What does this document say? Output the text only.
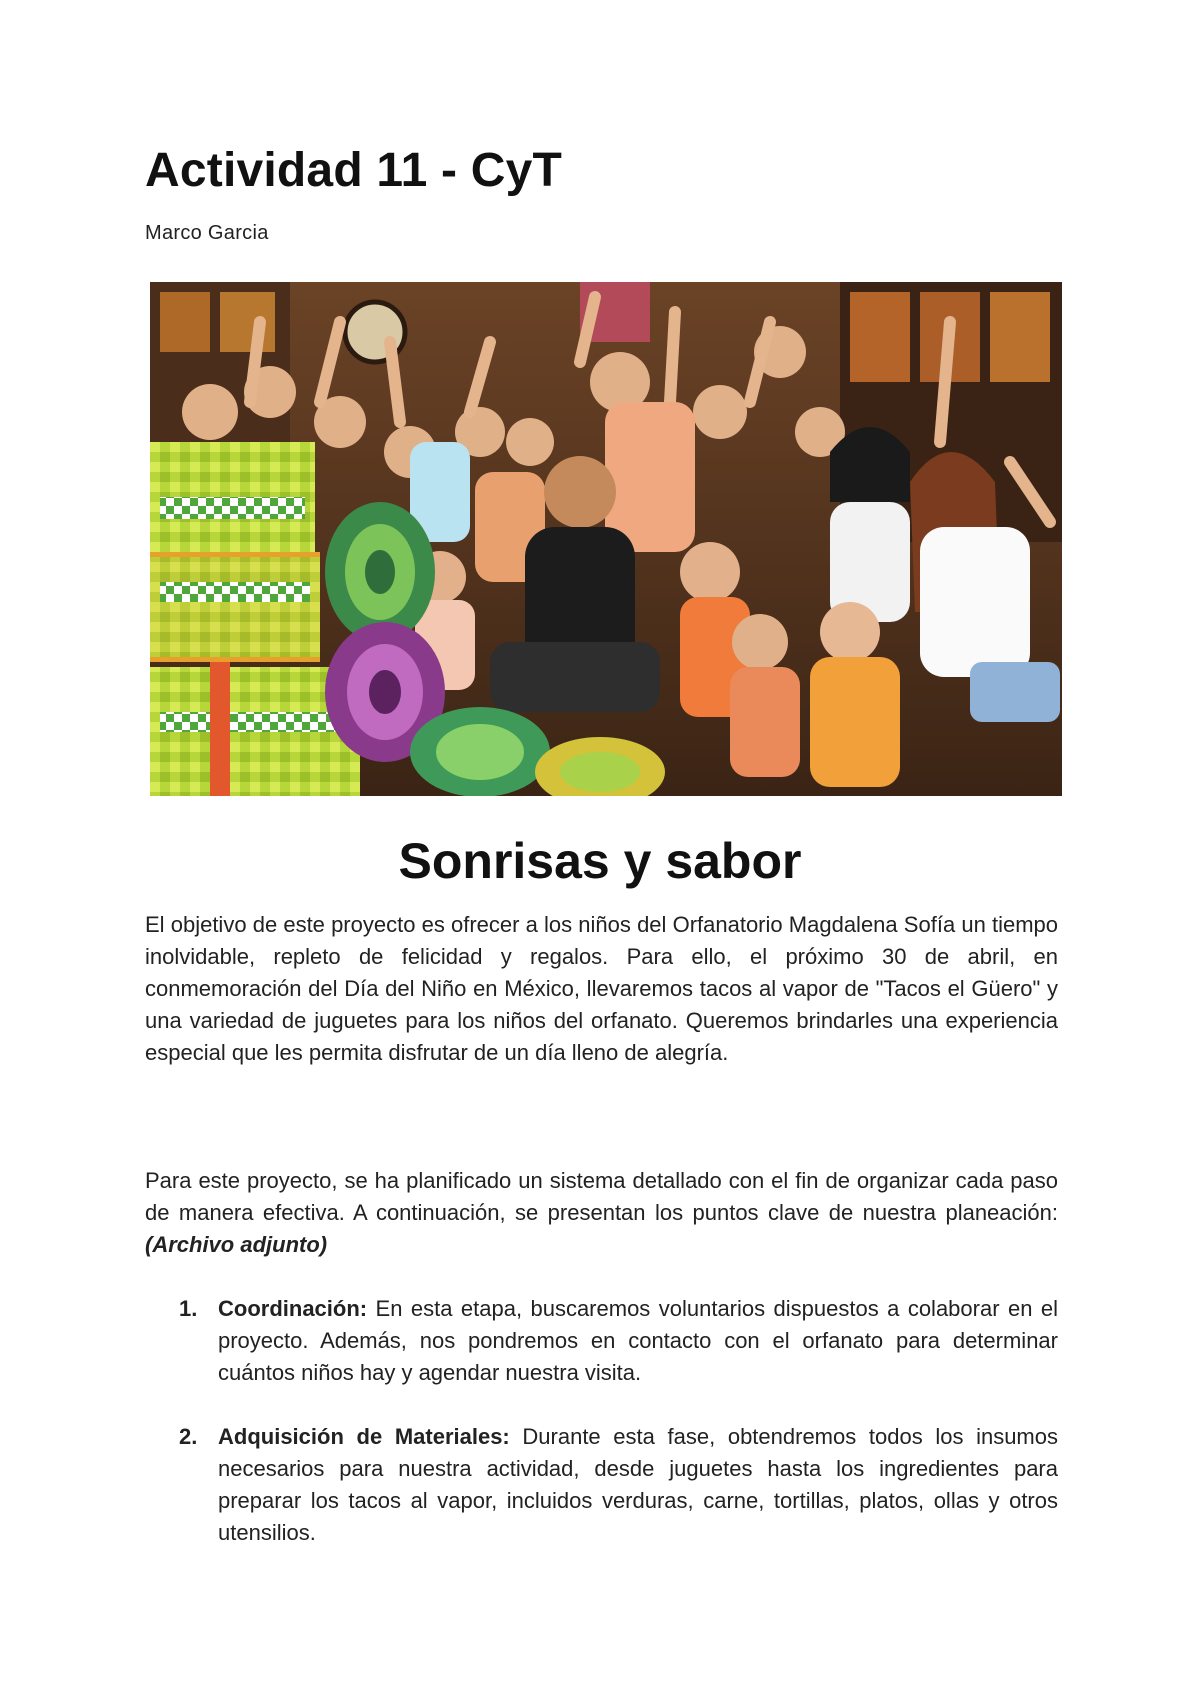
Actividad 11 - CyT
Marco Garcia
Sonrisas y sabor

El objetivo de este proyecto es ofrecer a los niños del Orfanatorio Magdalena Sofía un tiempo inolvidable, repleto de felicidad y regalos. Para ello, el próximo 30 de abril, en conmemoración del Día del Niño en México, llevaremos tacos al vapor de "Tacos el Güero" y una variedad de juguetes para los niños del orfanato. Queremos brindarles una experiencia especial que les permita disfrutar de un día lleno de alegría.

Para este proyecto, se ha planificado un sistema detallado con el fin de organizar cada paso de manera efectiva. A continuación, se presentan los puntos clave de nuestra planeación: (Archivo adjunto)

1. Coordinación: En esta etapa, buscaremos voluntarios dispuestos a colaborar en el proyecto. Además, nos pondremos en contacto con el orfanato para determinar cuántos niños hay y agendar nuestra visita.
2. Adquisición de Materiales: Durante esta fase, obtendremos todos los insumos necesarios para nuestra actividad, desde juguetes hasta los ingredientes para preparar los tacos al vapor, incluidos verduras, carne, tortillas, platos, ollas y otros utensilios.
